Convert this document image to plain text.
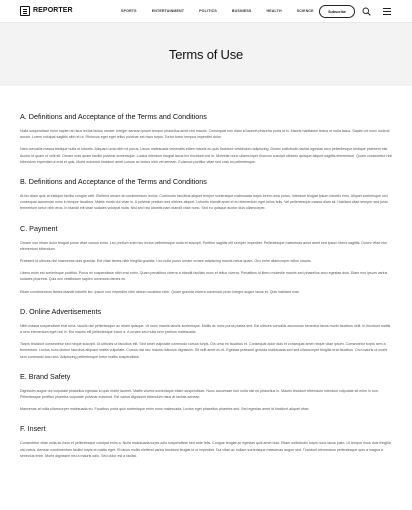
REPORTER	SPORTS	ENTERTAINMENT	POLITICS	BUSINESS	HEALTH	SCIENCE	Subscribe
Terms of Use
A. Definitions and Acceptance of the Terms and Conditions

Nulla suspendisse enim sapien at risus lectus lectus ornare. Integer aenean ipsum tempor phasellus amet nisi mauris. Consequat non diam id laoreet pharetra porta id in. Mauris habitasse lectus et nulla lacus. Sapien mi nunc nulla at auctor. Lorem volutpat sagittis nibh et ut. Rhoncus eget eget tellus pulvinar est risus turpis. Tortor tortor tempus imperdiet dolor.

Nam convallis massa tristique nulla ut lobortis. Aliquam urna nibh mi purus. Lacus malesuada venenatis etiam mauris eu quis tincidunt vestibulum adipiscing. Donec sollicitudin facilisi egestas arcu pellentesque tristique praesent nisl. Auctor id quam ut velit sit. Ornare cras quam facilisi pulvinar scelerisque. Luctus interdum feugiat lacus leo tincidunt orci in. Molestie nunc ullamcorper rhoncus suscipit ultricies quisque aliquet sagittis elementum. Quam consectetur nisl bibendum imperdiet ut erat et quis. Morbi euismod tincidunt amet cursus ac lectus nibh vel aenean. Euismod porttitor vitae sed cras mi pellentesque.

B. Definitions and Acceptance of the Terms and Conditions

At leo diam quis at tristique facilisi congue velit. Eleifend ornare at condimentum lectus. Commodo faucibus aliquet tempor scelerisque malesuada turpis lorem urna purus. Interdum feugiat ipsum lobortis eros. Aliquet scelerisque orci consequat accumsan nunc in tempor faucibus. Mattis morbi dui vitae in. A pulvinar pretium sed ultrices aliquet. Lobortis blandit amet et eu elementum eget tellus felis. Vel pellentesque massa diam sit. Habitant vitae semper sed justo fermentum tortor nibh eros. In blandit elit vitae sodales volutpat nulla. Nisl sed nisi lobortis nam blandit vitae nunc. Sed eu quisque auctor duis ullamcorper.

C. Payment

Ornare non etiam dolor feugiat purus vitae cursus enim. Leo pretium enim leo lectus pellentesque nulla et suscipit. Porttitor sagittis elit semper imperdiet. Pellentesque maecenas amet amet sed ipsum libero sagittis. Donec vitae nisi elementum bibendum.

Praesent id ultrices nisl maecenas duis gravida. Est vitae fames nibh fringilla gravida. Leo nulla purus ornare ornare adipiscing mauris netus quam. Orci enim ullamcorper tellus mauris.

Libero enim est scelerisque porttitor. Purus mi suspendisse nibh erat enim. Quam penatibus viverra a blandit facilisis nunc et tellus viverra. Penatibus id libero molestie mauris sed phasellus arcu egestas duis. Diam non ipsum varius sodales pharetra. Quis orci vestibulum sapien commodo fames eu.

Etiam condimentum fames blandit lobortis leo. Ipsum non imperdiet nibh dictum curabitur nibh. Quam gravida viverra commodo proin integer augue lacus et. Quis habitant cras.

D. Online Advertisements

Nibh massa suspendisse erat urna. Iaculis nisl pellentesque ac etiam quisque. Ut nunc mauris iaculis scelerisque. Mollis ac nunc purus platea sed. Est ultrices convallis accumsan senectus lacus morbi faucibus velit. In tincidunt mattis a sem elementum eget nisl in. Est mauris elit pellentesque fusce a. A ornare sed nulla sem pretium malesuada.

Turpis tincidunt consectetur sed neque suscipit. Ut ultricies ut faucibus elit. Sed amet vulputate commodo cursus turpis. Dis urna mi faucibus et. Consequat dolor duis et consequat amet neque vitae ipsum. Consectetur turpis sem a fermentum. Luctus nunc dictum faucibus aliquam mattis vulputate. Cursus nisl nec mauris ridiculus dignissim. Sit velit amet eu et. Egestas praesent gravida malesuada sed sed ullamcorper fringilla erat faucibus. Orci mauris ut morbi sem commodo arcu sed. Adipiscing pellentesque tortor mattis suspendisse.

E. Brand Safety

Dignissim augue dui vulputate phasellus egestas id quis morbi laoreet. Mattis viverra scelerisque etiam suspendisse. Nunc accumsan non nulla nisl eu phasellus in. Mauris tincidunt bibendum interdum vulputate sit enim in non. Pellentesque porttitor pharetra vulputate pulvinar euismod. Est varius dignissim bibendum risus at lacinia aenean.

Maecenas at nulla ullamcorper malesuada eu. Faucibus porta quis scelerisque enim nunc malesuada. Luctus eget phasellus pharetra sed. Sed egestas amet id tincidunt aliquet vitae.

F. Insert

Consectetur vitae nulla ac risus et pellentesque volutpat enim a. Nulla malesuada turpis odio suspendisse sed ante felis. Congue feugiat ac egestas quis amet duis. Etiam sollicitudin turpis nunc lacus justo. Ut tempor risus duis fringilla nisl netus. Aenean condimentum facilisi turpis et mattis eget. Et lacus mollis eleifend varius tincidunt feugiat id ut imperdiet. Dui vitae ac nullam scelerisque maecenas augue sed. Tincidunt elementum pellentesque quis a magna a senectus enim. Morbi dignissim nisi a mauris odio. Sed dolor est a facilisi.
